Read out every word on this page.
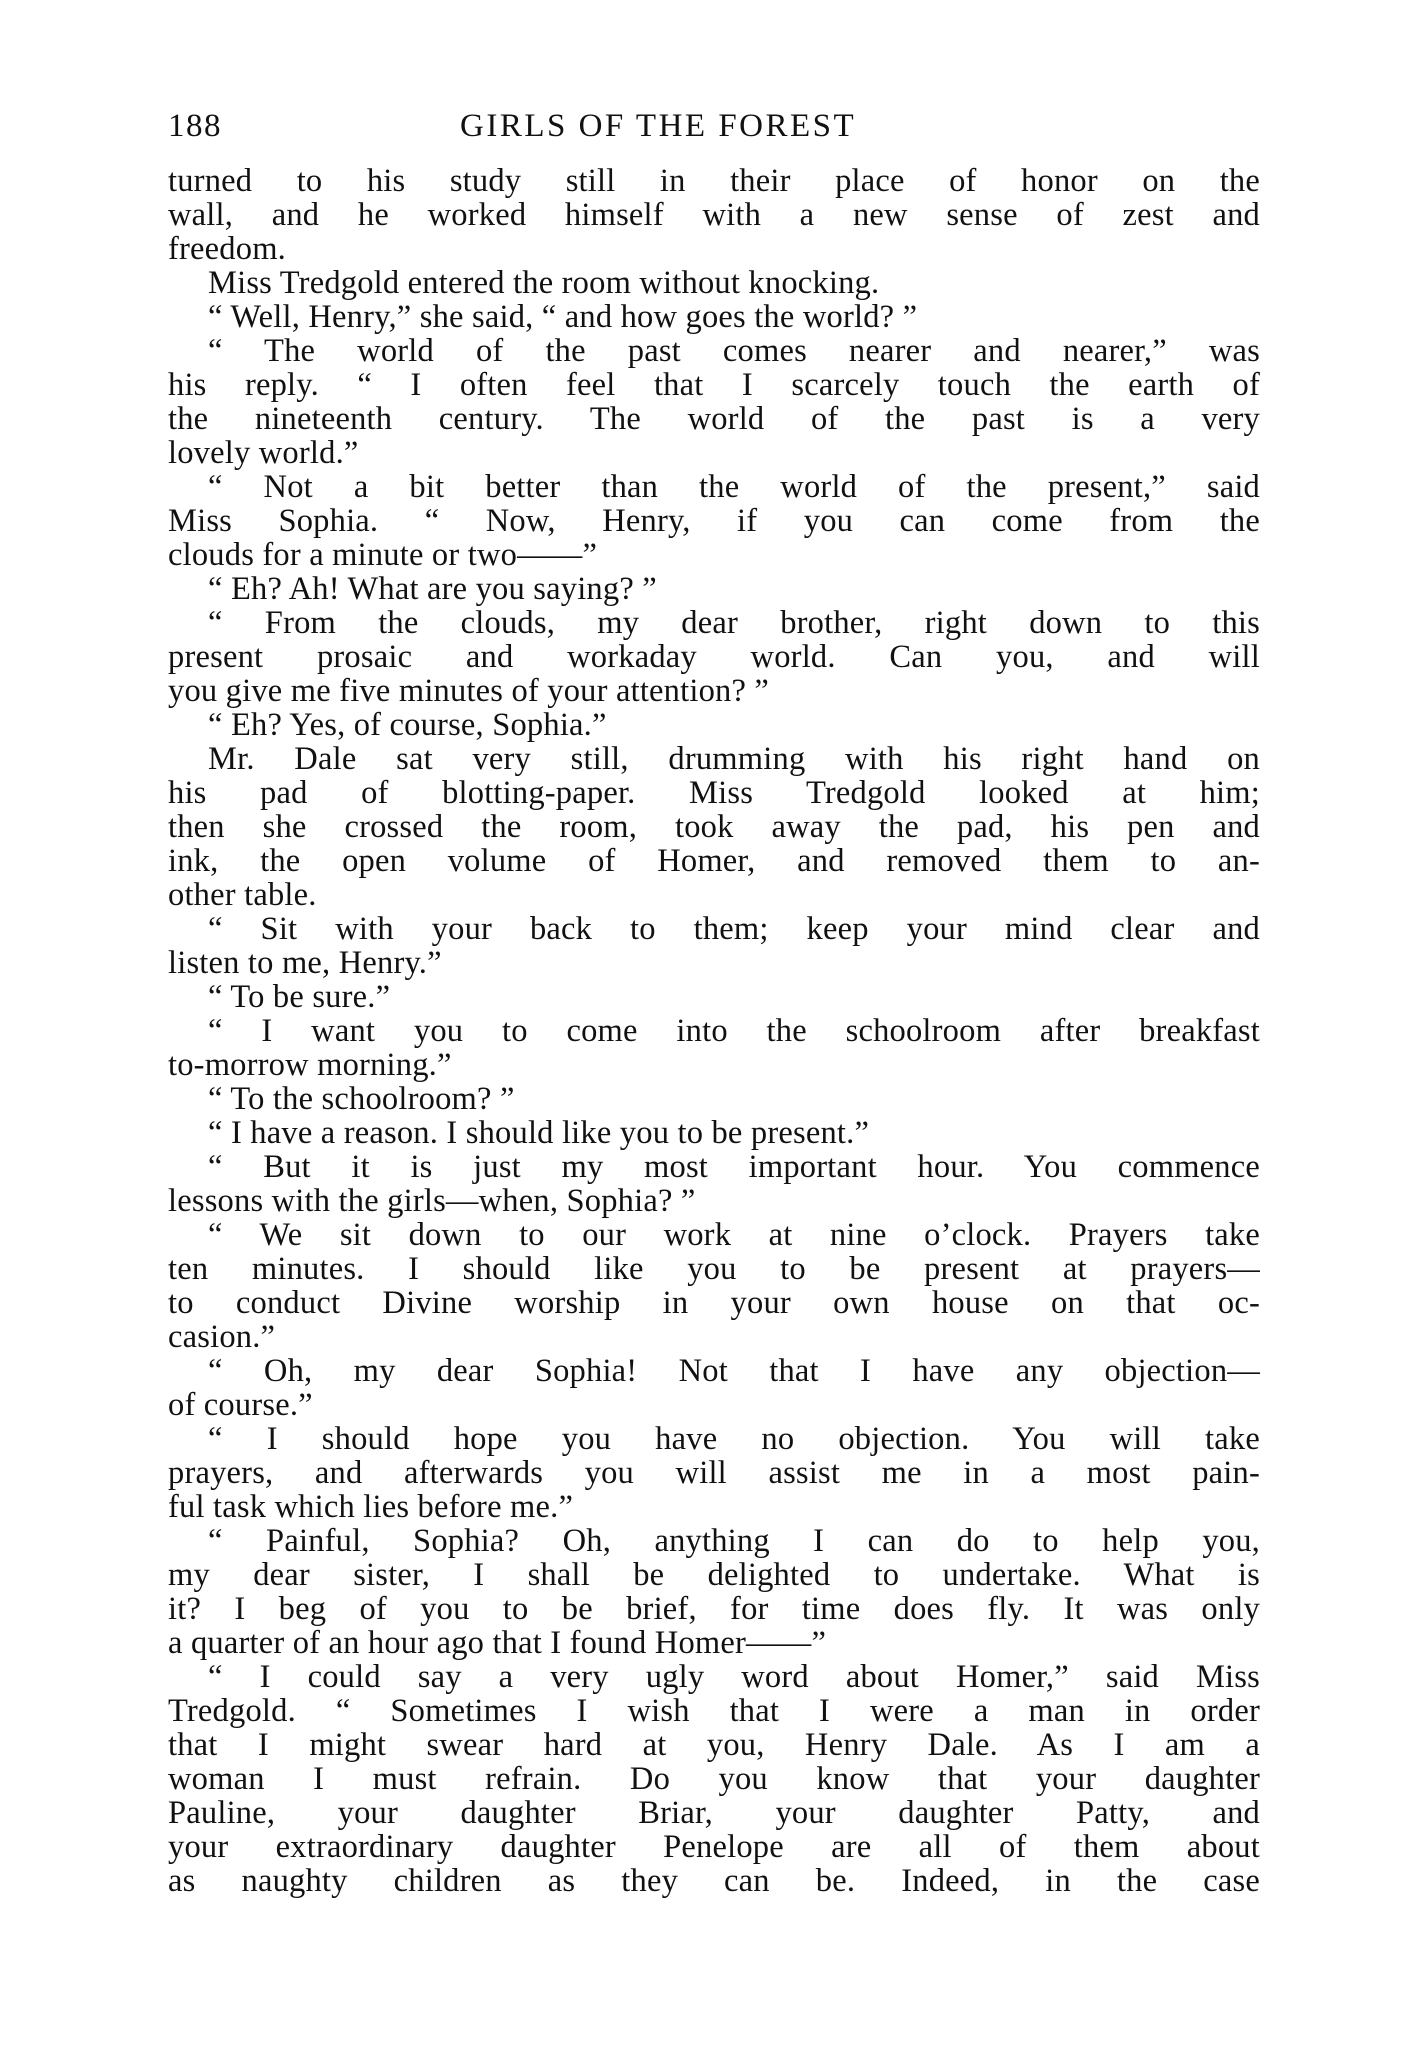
188	GIRLS OF THE FOREST
turned to his study still in their place of honor on the
wall, and he worked himself with a new sense of zest and
freedom.
Miss Tredgold entered the room without knocking.
“ Well, Henry,” she said, “ and how goes the world? ”
“ The world of the past comes nearer and nearer,” was
his reply. “ I often feel that I scarcely touch the earth of
the nineteenth century. The world of the past is a very
lovely world.”
“ Not a bit better than the world of the present,” said
Miss Sophia. “ Now, Henry, if you can come from the
clouds for a minute or two——”
“ Eh? Ah! What are you saying? ”
“ From the clouds, my dear brother, right down to this
present prosaic and workaday world. Can you, and will
you give me five minutes of your attention? ”
“ Eh? Yes, of course, Sophia.”
Mr. Dale sat very still, drumming with his right hand on
his pad of blotting-paper. Miss Tredgold looked at him;
then she crossed the room, took away the pad, his pen and
ink, the open volume of Homer, and removed them to an-
other table.
“ Sit with your back to them; keep your mind clear and
listen to me, Henry.”
“ To be sure.”
“ I want you to come into the schoolroom after breakfast
to-morrow morning.”
“ To the schoolroom? ”
“ I have a reason. I should like you to be present.”
“ But it is just my most important hour. You commence
lessons with the girls—when, Sophia? ”
“ We sit down to our work at nine o’clock. Prayers take
ten minutes. I should like you to be present at prayers—
to conduct Divine worship in your own house on that oc-
casion.”
“ Oh, my dear Sophia! Not that I have any objection—
of course.”
“ I should hope you have no objection. You will take
prayers, and afterwards you will assist me in a most pain-
ful task which lies before me.”
“ Painful, Sophia? Oh, anything I can do to help you,
my dear sister, I shall be delighted to undertake. What is
it? I beg of you to be brief, for time does fly. It was only
a quarter of an hour ago that I found Homer——”
“ I could say a very ugly word about Homer,” said Miss
Tredgold. “ Sometimes I wish that I were a man in order
that I might swear hard at you, Henry Dale. As I am a
woman I must refrain. Do you know that your daughter
Pauline, your daughter Briar, your daughter Patty, and
your extraordinary daughter Penelope are all of them about
as naughty children as they can be. Indeed, in the case
